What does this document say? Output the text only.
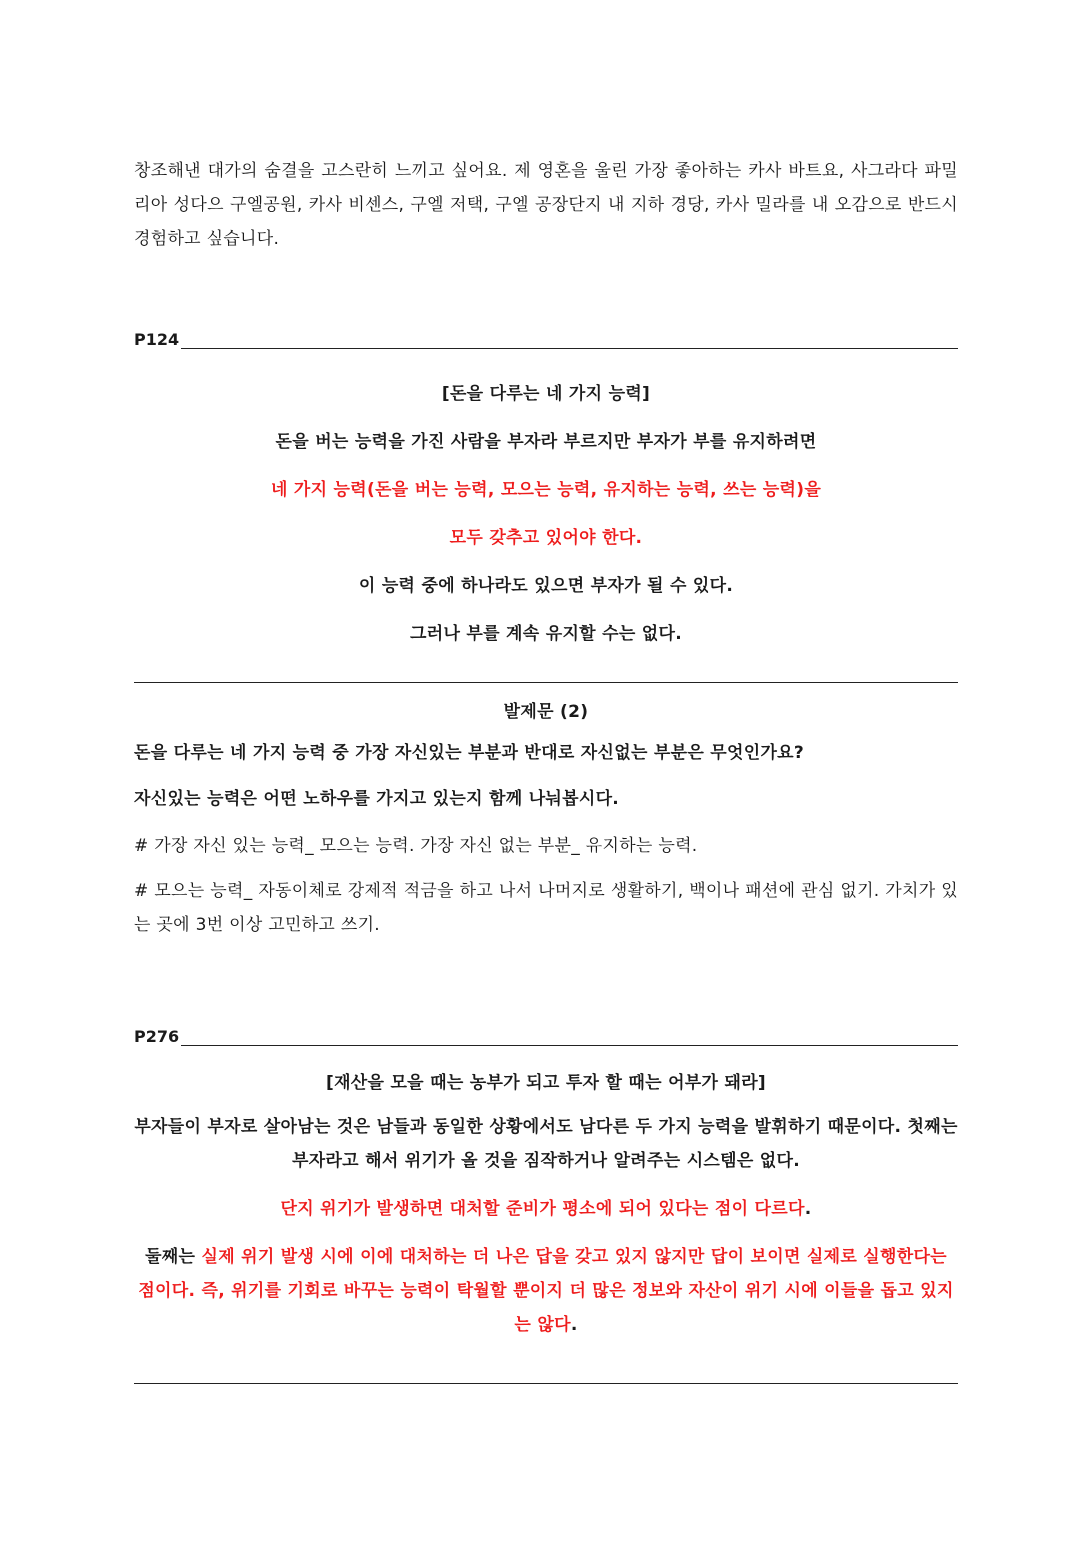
창조해낸 대가의 숨결을 고스란히 느끼고 싶어요. 제 영혼을 울린 가장 좋아하는 카사 바트요, 사그라다 파밀리아 성다으 구엘공원, 카사 비센스, 구엘 저택, 구엘 공장단지 내 지하 경당, 카사 밀라를 내 오감으로 반드시 경험하고 싶습니다.

P124

[돈을 다루는 네 가지 능력]

돈을 버는 능력을 가진 사람을 부자라 부르지만 부자가 부를 유지하려면

네 가지 능력(돈을 버는 능력, 모으는 능력, 유지하는 능력, 쓰는 능력)을

모두 갖추고 있어야 한다.

이 능력 중에 하나라도 있으면 부자가 될 수 있다.

그러나 부를 계속 유지할 수는 없다.

발제문 (2)

돈을 다루는 네 가지 능력 중 가장 자신있는 부분과 반대로 자신없는 부분은 무엇인가요?

자신있는 능력은 어떤 노하우를 가지고 있는지 함께 나눠봅시다.

# 가장 자신 있는 능력_ 모으는 능력. 가장 자신 없는 부분_ 유지하는 능력.

# 모으는 능력_ 자동이체로 강제적 적금을 하고 나서 나머지로 생활하기, 백이나 패션에 관심 없기. 가치가 있는 곳에 3번 이상 고민하고 쓰기.

P276

[재산을 모을 때는 농부가 되고 투자 할 때는 어부가 돼라]

부자들이 부자로 살아남는 것은 남들과 동일한 상황에서도 남다른 두 가지 능력을 발휘하기 때문이다. 첫째는 부자라고 해서 위기가 올 것을 짐작하거나 알려주는 시스템은 없다.

단지 위기가 발생하면 대처할 준비가 평소에 되어 있다는 점이 다르다.

둘째는 실제 위기 발생 시에 이에 대처하는 더 나은 답을 갖고 있지 않지만 답이 보이면 실제로 실행한다는 점이다. 즉, 위기를 기회로 바꾸는 능력이 탁월할 뿐이지 더 많은 정보와 자산이 위기 시에 이들을 돕고 있지는 않다.
